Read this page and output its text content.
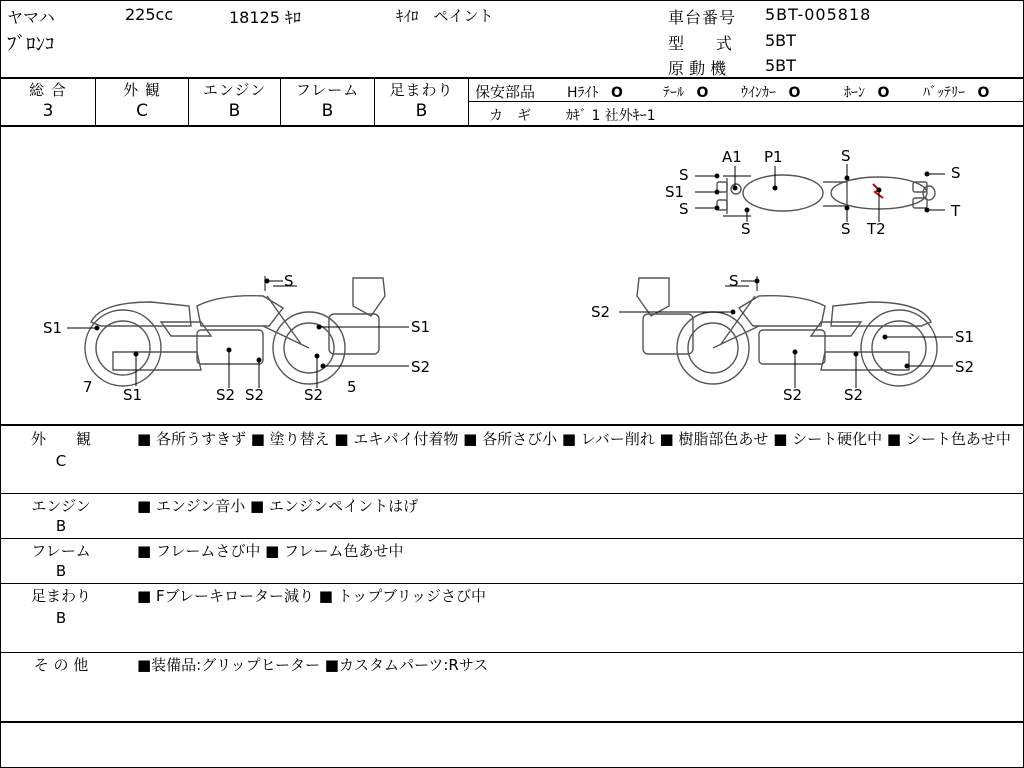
ヤマハ	225cc	18125 ｷﾛ	ｷｲﾛ　ペイント
ﾌﾞﾛﾝｺ
車台番号 5BT-005818
型　　式 5BT
原 動 機 5BT
総 合
3
外 観
C
エンジン
B
フレーム
B
足まわり
B
保安部品 Hﾗｲﾄ O	ﾃｰﾙ O ｳｲﾝｶｰ O	ﾎｰﾝ O ﾊﾞｯﾃﾘｰ O
カ　ギ	ｶｷﾞ 1 社外ｷｰ1
S
S1
S
A1 P1	S
S	S
S
T2
T
S
S1	S1
S1
S2
7	S2 S2	S2 5
S
S2
S1
S2
S2	S2
外　　観
C
■ 各所うすきず ■ 塗り替え ■ エキパイ付着物 ■ 各所さび小 ■ レバー削れ ■ 樹脂部色あせ ■ シート硬化中 ■ シート色あせ中
エンジン
B
■ エンジン音小 ■ エンジンペイントはげ
フレーム
B
■ フレームさび中 ■ フレーム色あせ中
足まわり
B
■ Fブレーキローター減り ■ トップブリッジさび中
そ の 他	■装備品:グリップヒーター ■カスタムパーツ:Rサス
